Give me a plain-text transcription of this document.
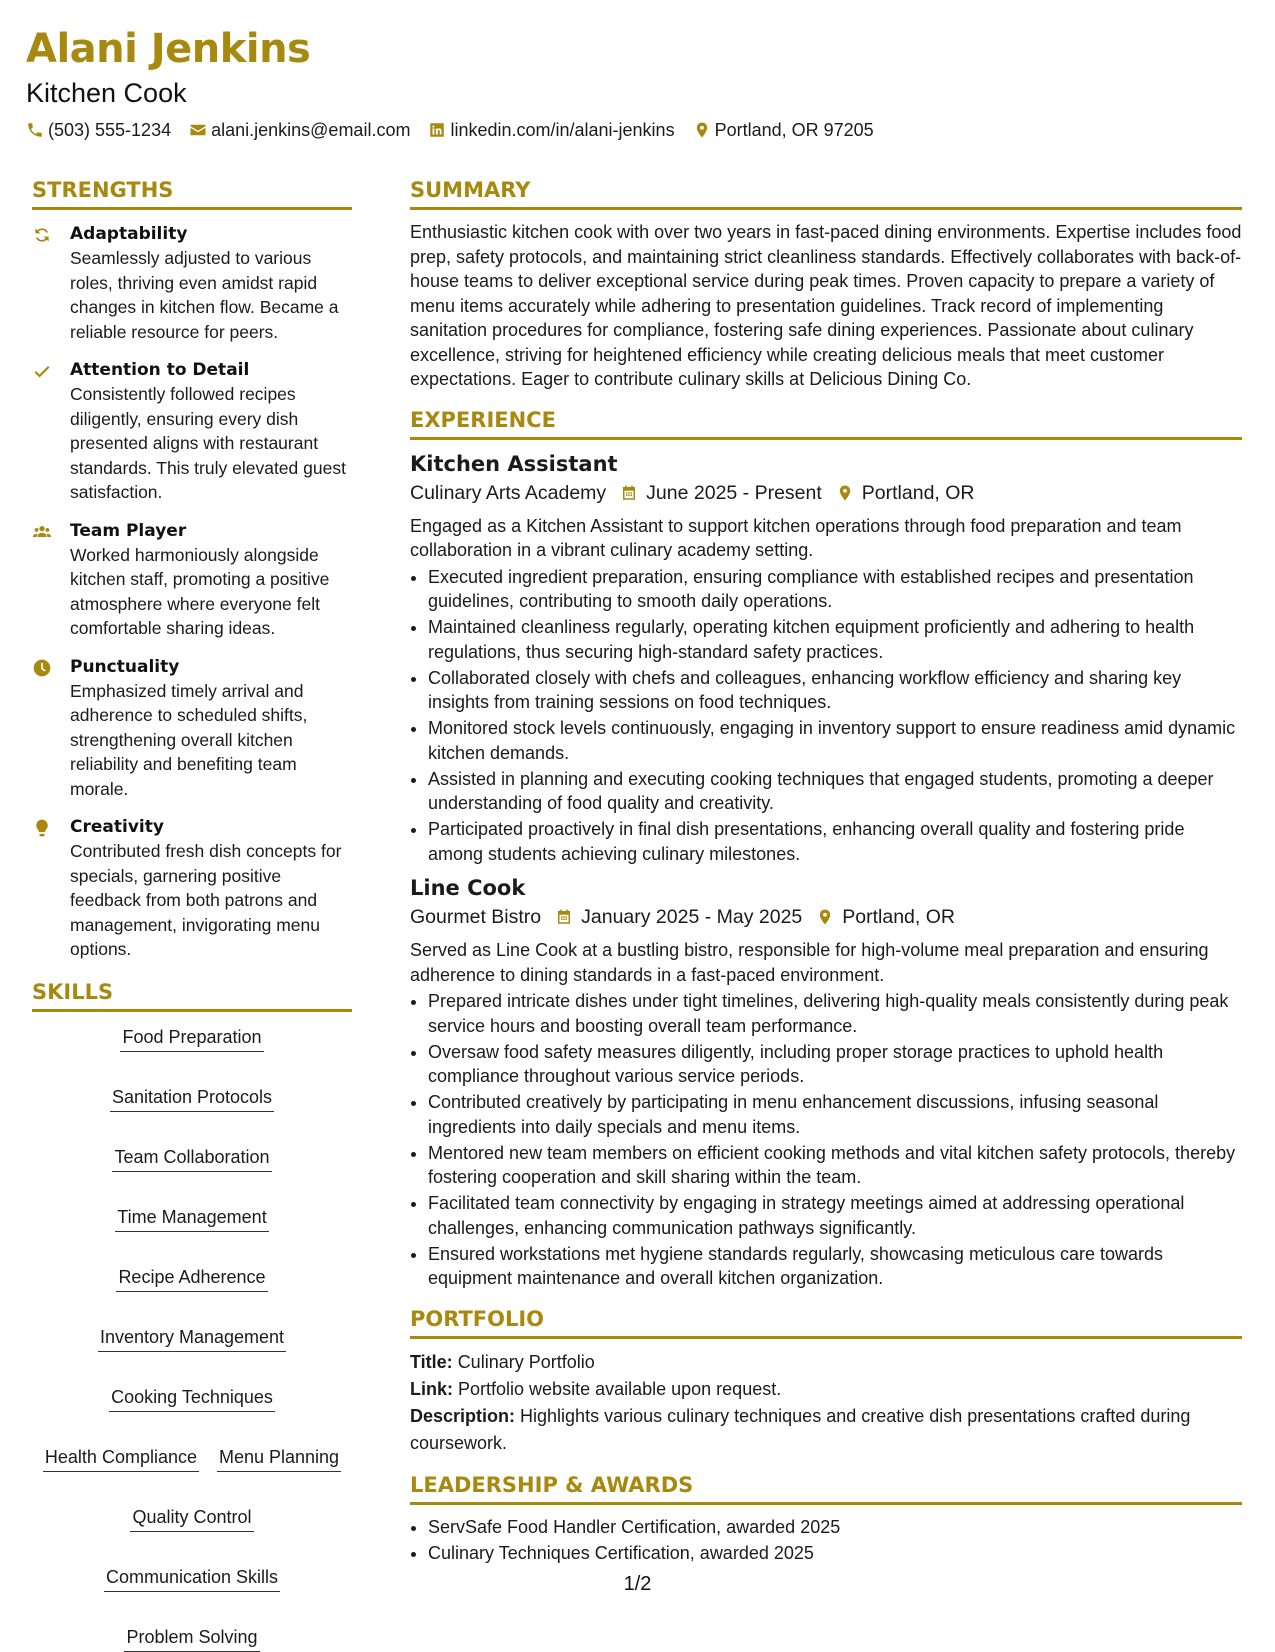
Alani Jenkins
Kitchen Cook
(503) 555-1234 alani.jenkins@email.com linkedin.com/in/alani-jenkins Portland, OR 97205
STRENGTHS
Adaptability
Seamlessly adjusted to various roles, thriving even amidst rapid changes in kitchen flow. Became a reliable resource for peers.
Attention to Detail
Consistently followed recipes diligently, ensuring every dish presented aligns with restaurant standards. This truly elevated guest satisfaction.
Team Player
Worked harmoniously alongside kitchen staff, promoting a positive atmosphere where everyone felt comfortable sharing ideas.
Punctuality
Emphasized timely arrival and adherence to scheduled shifts, strengthening overall kitchen reliability and benefiting team morale.
Creativity
Contributed fresh dish concepts for specials, garnering positive feedback from both patrons and management, invigorating menu options.
SKILLS
Food Preparation
Sanitation Protocols
Team Collaboration
Time Management
Recipe Adherence
Inventory Management
Cooking Techniques
Health Compliance Menu Planning
Quality Control
Communication Skills
Problem Solving
SUMMARY
Enthusiastic kitchen cook with over two years in fast-paced dining environments. Expertise includes food prep, safety protocols, and maintaining strict cleanliness standards. Effectively collaborates with back-of-house teams to deliver exceptional service during peak times. Proven capacity to prepare a variety of menu items accurately while adhering to presentation guidelines. Track record of implementing sanitation procedures for compliance, fostering safe dining experiences. Passionate about culinary excellence, striving for heightened efficiency while creating delicious meals that meet customer expectations. Eager to contribute culinary skills at Delicious Dining Co.
EXPERIENCE
Kitchen Assistant
Culinary Arts Academy June 2025 - Present Portland, OR
Engaged as a Kitchen Assistant to support kitchen operations through food preparation and team collaboration in a vibrant culinary academy setting.
• Executed ingredient preparation, ensuring compliance with established recipes and presentation guidelines, contributing to smooth daily operations.
• Maintained cleanliness regularly, operating kitchen equipment proficiently and adhering to health regulations, thus securing high-standard safety practices.
• Collaborated closely with chefs and colleagues, enhancing workflow efficiency and sharing key insights from training sessions on food techniques.
• Monitored stock levels continuously, engaging in inventory support to ensure readiness amid dynamic kitchen demands.
• Assisted in planning and executing cooking techniques that engaged students, promoting a deeper understanding of food quality and creativity.
• Participated proactively in final dish presentations, enhancing overall quality and fostering pride among students achieving culinary milestones.
Line Cook
Gourmet Bistro January 2025 - May 2025 Portland, OR
Served as Line Cook at a bustling bistro, responsible for high-volume meal preparation and ensuring adherence to dining standards in a fast-paced environment.
• Prepared intricate dishes under tight timelines, delivering high-quality meals consistently during peak service hours and boosting overall team performance.
• Oversaw food safety measures diligently, including proper storage practices to uphold health compliance throughout various service periods.
• Contributed creatively by participating in menu enhancement discussions, infusing seasonal ingredients into daily specials and menu items.
• Mentored new team members on efficient cooking methods and vital kitchen safety protocols, thereby fostering cooperation and skill sharing within the team.
• Facilitated team connectivity by engaging in strategy meetings aimed at addressing operational challenges, enhancing communication pathways significantly.
• Ensured workstations met hygiene standards regularly, showcasing meticulous care towards equipment maintenance and overall kitchen organization.
PORTFOLIO
Title: Culinary Portfolio
Link: Portfolio website available upon request.
Description: Highlights various culinary techniques and creative dish presentations crafted during coursework.
LEADERSHIP & AWARDS
• ServSafe Food Handler Certification, awarded 2025
• Culinary Techniques Certification, awarded 2025
1/2
